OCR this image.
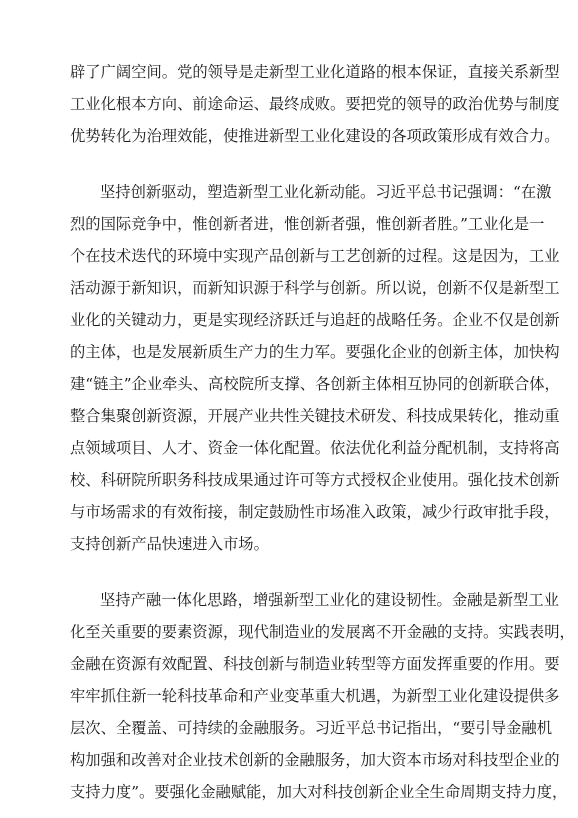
辟了广阔空间。党的领导是走新型工业化道路的根本保证，直接关系新型
工业化根本方向、前途命运、最终成败。要把党的领导的政治优势与制度
优势转化为治理效能，使推进新型工业化建设的各项政策形成有效合力。
坚持创新驱动，塑造新型工业化新动能。习近平总书记强调：“在激
烈的国际竞争中，惟创新者进，惟创新者强，惟创新者胜。”工业化是一
个在技术迭代的环境中实现产品创新与工艺创新的过程。这是因为，工业
活动源于新知识，而新知识源于科学与创新。所以说，创新不仅是新型工
业化的关键动力，更是实现经济跃迁与追赶的战略任务。企业不仅是创新
的主体，也是发展新质生产力的生力军。要强化企业的创新主体，加快构
建“链主”企业牵头、高校院所支撑、各创新主体相互协同的创新联合体，
整合集聚创新资源，开展产业共性关键技术研发、科技成果转化，推动重
点领域项目、人才、资金一体化配置。依法优化利益分配机制，支持将高
校、科研院所职务科技成果通过许可等方式授权企业使用。强化技术创新
与市场需求的有效衔接，制定鼓励性市场准入政策，减少行政审批手段，
支持创新产品快速进入市场。
坚持产融一体化思路，增强新型工业化的建设韧性。金融是新型工业
化至关重要的要素资源，现代制造业的发展离不开金融的支持。实践表明，
金融在资源有效配置、科技创新与制造业转型等方面发挥重要的作用。要
牢牢抓住新一轮科技革命和产业变革重大机遇，为新型工业化建设提供多
层次、全覆盖、可持续的金融服务。习近平总书记指出，“要引导金融机
构加强和改善对企业技术创新的金融服务，加大资本市场对科技型企业的
支持力度”。要强化金融赋能，加大对科技创新企业全生命周期支持力度，
